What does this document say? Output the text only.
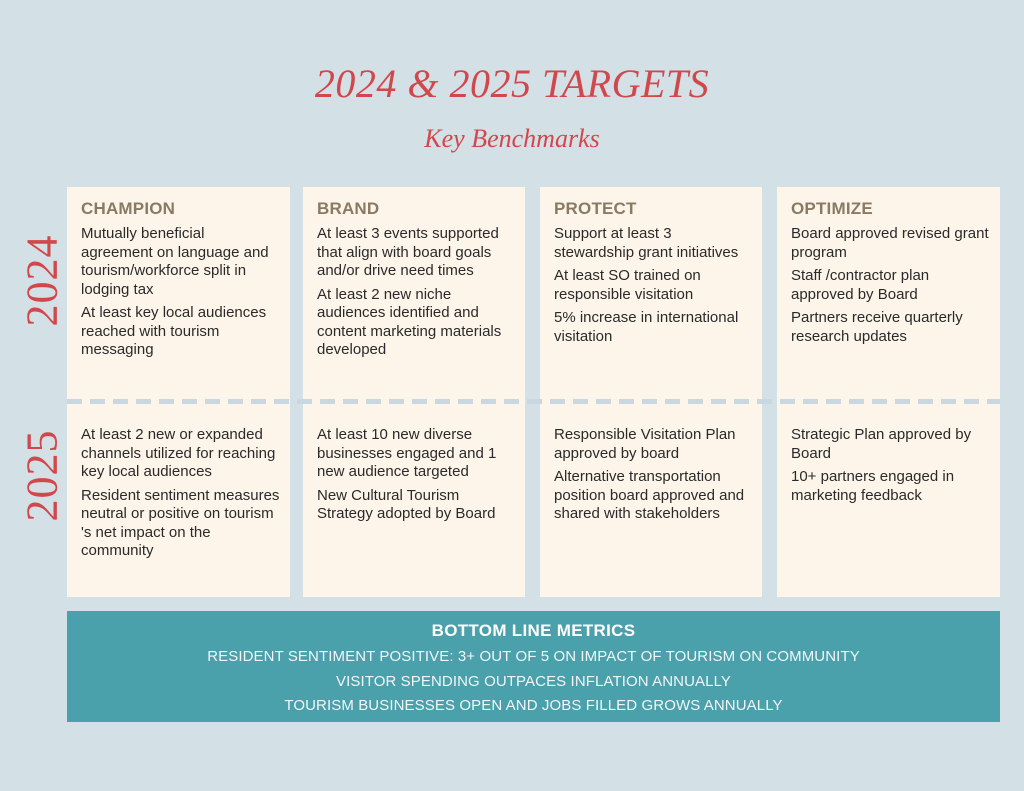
2024 & 2025 TARGETS
Key Benchmarks
2024
2025
CHAMPION

Mutually beneficial agreement on language and tourism/workforce split in lodging tax

At least key local audiences reached with tourism messaging

At least 2 new or expanded channels utilized for reaching key local audiences

Resident sentiment measures neutral or positive on tourism 's net impact on the community

BRAND

At least 3 events supported that align with board goals and/or drive need times

At least 2 new niche audiences identified and content marketing materials developed

At least 10 new diverse businesses engaged and 1 new audience targeted

New Cultural Tourism Strategy adopted by Board

PROTECT

Support at least 3 stewardship grant initiatives

At least SO trained on responsible visitation

5% increase in international visitation

Responsible Visitation Plan approved by board

Alternative transportation position board approved and shared with stakeholders

OPTIMIZE

Board approved revised grant program

Staff /contractor plan approved by Board

Partners receive quarterly research updates

Strategic Plan approved by Board

10+ partners engaged in marketing feedback

BOTTOM LINE METRICS
RESIDENT SENTIMENT POSITIVE: 3+ OUT OF 5 ON IMPACT OF TOURISM ON COMMUNITY
VISITOR SPENDING OUTPACES INFLATION ANNUALLY
TOURISM BUSINESSES OPEN AND JOBS FILLED GROWS ANNUALLY
